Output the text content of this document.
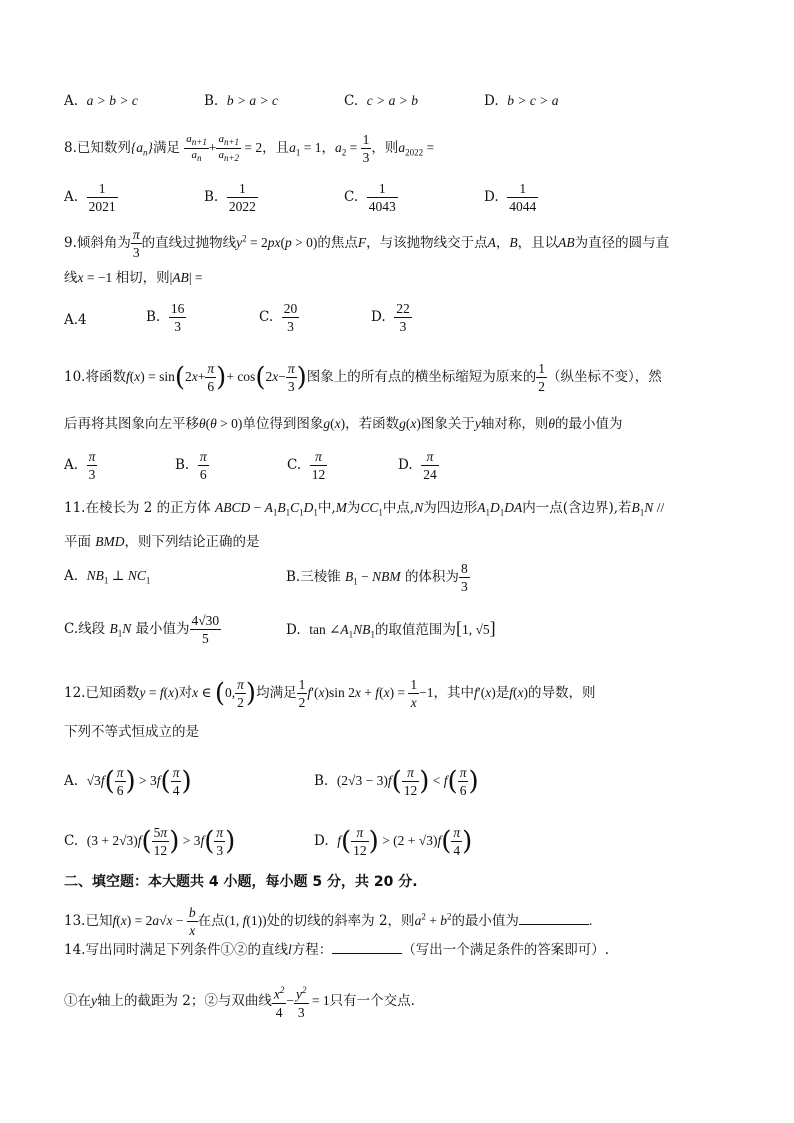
A. a > b > c	B. b > a > c	C. c > a > b	D. b > c > a
8.已知数列$\{a_n\}$满足 $\frac{a_{n+1}}{a_n} + \frac{a_{n+1}}{a_{n+2}} = 2$，且$a_1 = 1$，$a_2 = \frac{1}{3}$ ，则$a_{2022}$ =
A. $\frac{1}{2021}$	B. $\frac{1}{2022}$	C. $\frac{1}{4043}$	D. $\frac{1}{4044}$
9.倾斜角为 $\frac{\pi}{3}$ 的直线过抛物线$y^2 = 2px(p > 0)$的焦点F，与该抛物线交于点A，B，且以AB为直径的圆与直
线x = −1 相切，则|AB| =
A.4	B. $\frac{16}{3}$	C. $\frac{20}{3}$	D. $\frac{22}{3}$
10.将函数$f(x) = \sin(2x+ \frac{\pi}{6}$ )+ $\cos(2x- \frac{\pi}{3}$ )图象上的所有点的横坐标缩短为原来的 $\frac{1}{2}$ （纵坐标不变），然
后再将其图象向左平移θ(θ > 0)单位得到图象g(x)，若函数g(x)图象关于y轴对称，则θ的最小值为
A. $\frac{\pi}{3}$	B. $\frac{\pi}{6}$	C. $\frac{\pi}{12}$	D. $\frac{\pi}{24}$
11.在棱长为 2 的正方体 ABCD − $A_1B_1C_1D_1$中,M为$CC_1$中点,N为四边形$A_1D_1DA$内一点(含边界),若$B_1N$ //
平面 BMD，则下列结论正确的是
A. $NB_1$ ⊥ $NC_1$	B.三棱锥 $B_1$ − NBM 的体积为 $\frac{8}{3}$
C.线段 $B_1N$ 最小值为 $\frac{4√30}{5}$	D. $\tan \angle A_1NB_1$的取值范围为[1, √5]
12.已知函数y = f(x)对x ∈ (0, $\frac{\pi}{2}$ )均满足 $\frac{1}{2} f'(x)\sin$ $2x + f(x) = \frac{1}{x} -1$，其中f′(x)是f(x)的导数，则
下列不等式恒成立的是
A. $√3f( \frac{\pi}{6}$ ) > $3f( \frac{\pi}{4}$ )	B. $(2√3 - 3)f( \frac{\pi}{12}$ ) < $f( \frac{\pi}{6}$ )
C. $(3 + 2√3)f( \frac{5\pi}{12}$ ) > $3f( \frac{\pi}{3}$ )	D. $f( \frac{\pi}{12}$ ) > $(2 + √3)f( \frac{\pi}{4}$ )
二、填空题：本大题共 4 小题，每小题 5 分，共 20 分.
13.已知$f(x) = 2a√x - \frac{b}{x}$ 在点(1, f(1))处的切线的斜率为 2，则$a^2 + b^2$的最小值为	.
14.写出同时满足下列条件①②的直线l方程：	（写出一个满足条件的答案即可）.
①在y轴上的截距为 2；②与双曲线 $\frac{x^2}{4} - \frac{y^2}{3} = 1$只有一个交点.
